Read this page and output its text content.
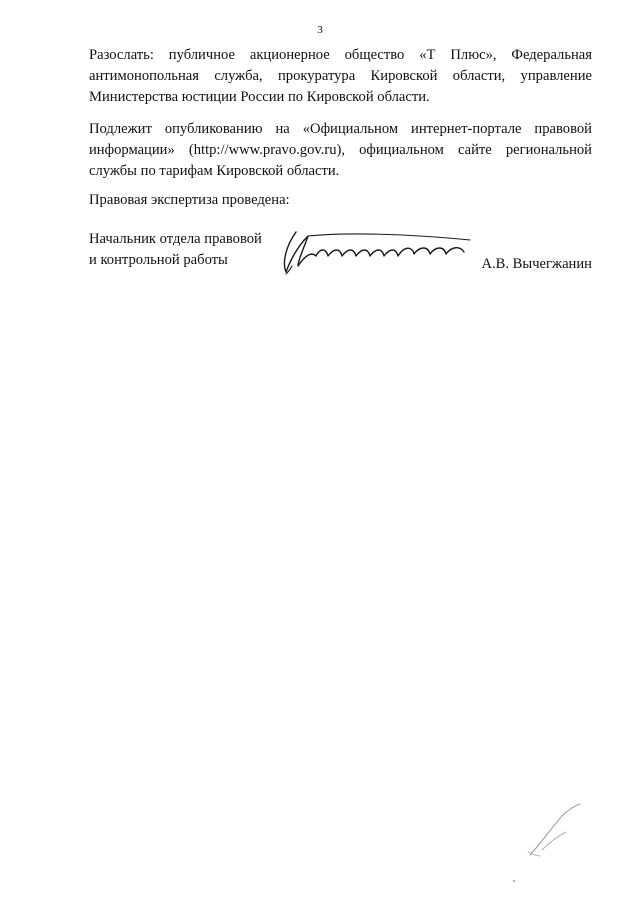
3
Разослать: публичное акционерное общество «Т Плюс», Федеральная антимонопольная служба, прокуратура Кировской области, управление Министерства юстиции России по Кировской области.
Подлежит опубликованию на «Официальном интернет-портале правовой информации» (http://www.pravo.gov.ru), официальном сайте региональной службы по тарифам Кировской области.
Правовая экспертиза проведена:
Начальник отдела правовой
и контрольной работы	А.В. Вычегжанин
